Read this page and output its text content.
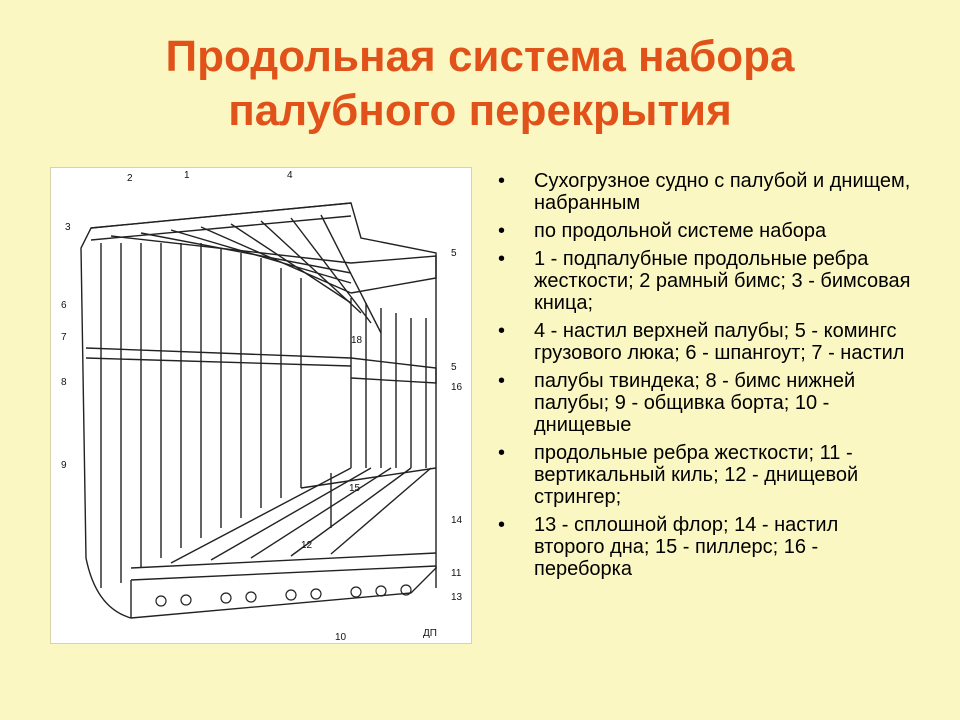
Продольная система набора
палубного перекрытия
1
2
3
4
5
5
6
7
8
9
10
11
12
13
14
15
16
18
ДП
• Сухогрузное судно с палубой и днищем, набранным
• по продольной системе набора
• 1 - подпалубные продольные ребра жесткости; 2 рамный бимс; 3 - бимсовая кница;
• 4 - настил верхней палубы; 5 - комингс грузового люка; 6 - шпангоут; 7 - настил
• палубы твиндека; 8 - бимс нижней палубы; 9 - общивка борта; 10 - днищевые
• продольные ребра жесткости; 11 - вертикальный киль; 12 - днищевой стрингер;
• 13 - сплошной флор; 14 - настил второго дна; 15 - пиллерс; 16 - переборка
